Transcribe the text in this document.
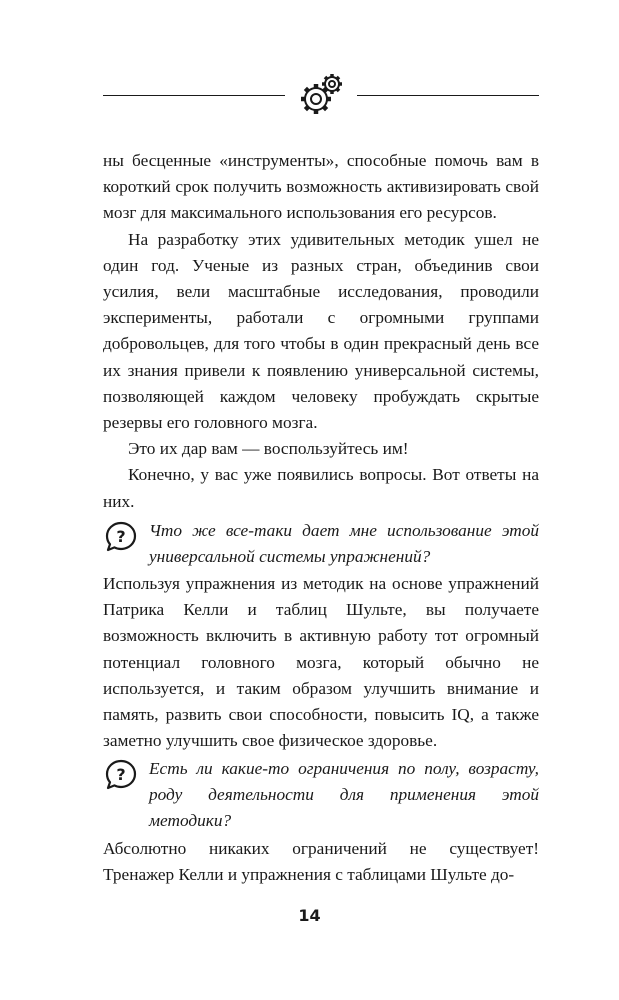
ны бесценные «инструменты», способные помочь вам в короткий срок получить возможность активизировать свой мозг для максимального использования его ресурсов.

На разработку этих удивительных методик ушел не один год. Ученые из разных стран, объединив свои усилия, вели масштабные исследования, проводили эксперименты, работали с огромными группами добровольцев, для того чтобы в один прекрасный день все их знания привели к появлению универсальной системы, позволяющей каждом человеку пробуждать скрытые резервы его головного мозга.

Это их дар вам — воспользуйтесь им!

Конечно, у вас уже появились вопросы. Вот ответы на них.

? Что же все-таки дает мне использование этой универсальной системы упражнений?

Используя упражнения из методик на основе упражнений Патрика Келли и таблиц Шульте, вы получаете возможность включить в активную работу тот огромный потенциал головного мозга, который обычно не используется, и таким образом улучшить внимание и память, развить свои способности, повысить IQ, а также заметно улучшить свое физическое здоровье.

? Есть ли какие-то ограничения по полу, возрасту, роду деятельности для применения этой методики?

Абсолютно никаких ограничений не существует! Тренажер Келли и упражнения с таблицами Шульте до-

14
